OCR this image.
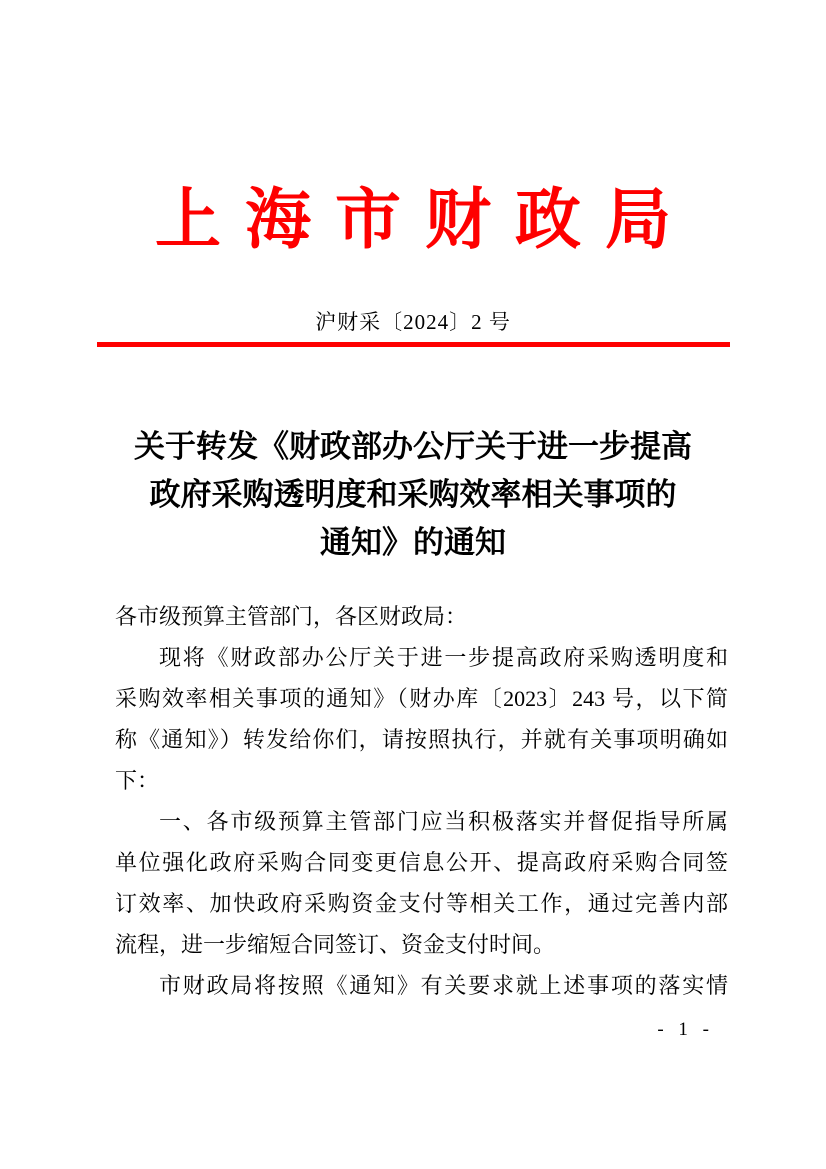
上海市财政局
沪财采〔2024〕2 号
关于转发《财政部办公厅关于进一步提高
政府采购透明度和采购效率相关事项的
通知》的通知
各市级预算主管部门，各区财政局：
现将《财政部办公厅关于进一步提高政府采购透明度和
采购效率相关事项的通知》（财办库〔2023〕243 号，以下简
称《通知》）转发给你们，请按照执行，并就有关事项明确如
下：
一、各市级预算主管部门应当积极落实并督促指导所属
单位强化政府采购合同变更信息公开、提高政府采购合同签
订效率、加快政府采购资金支付等相关工作，通过完善内部
流程，进一步缩短合同签订、资金支付时间。
市财政局将按照《通知》有关要求就上述事项的落实情
- 1 -
